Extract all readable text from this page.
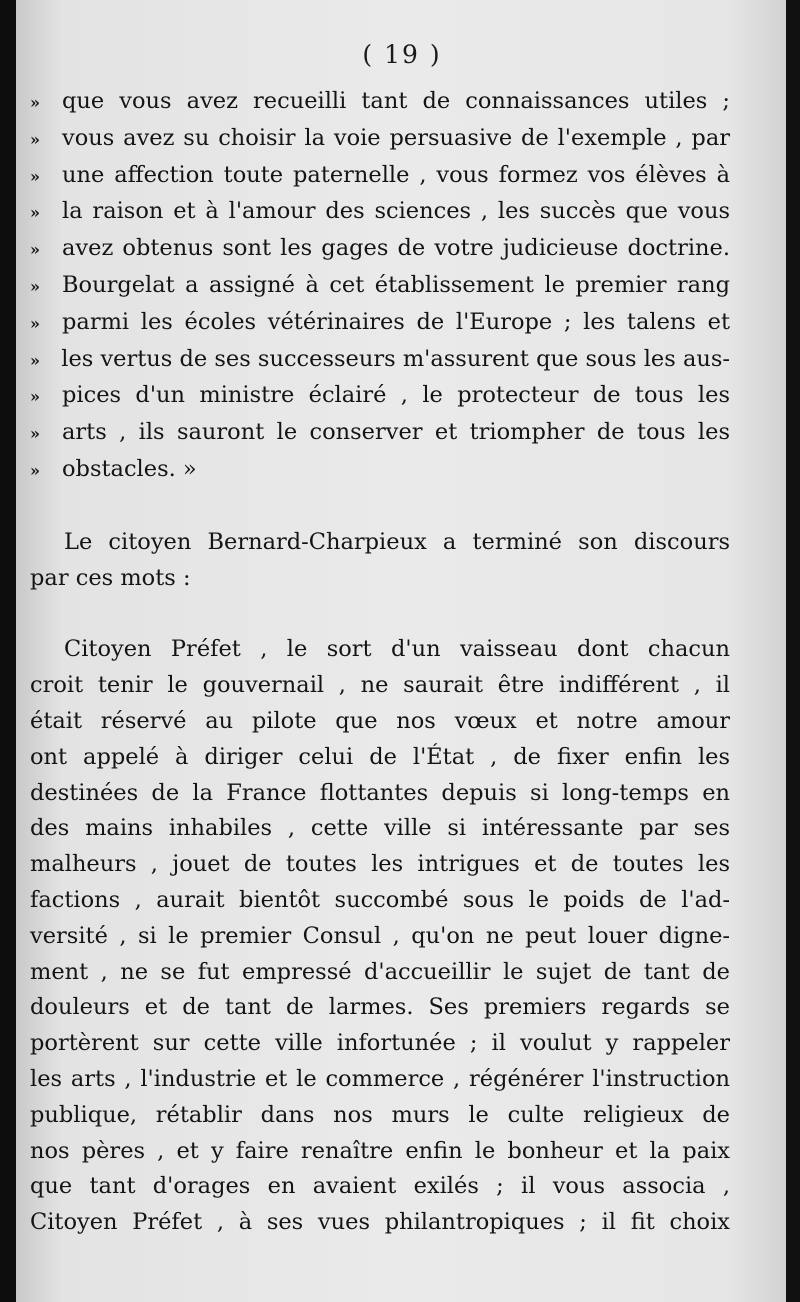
( 19 )
» que vous avez recueilli tant de connaissances utiles ;
» vous avez su choisir la voie persuasive de l'exemple , par
» une affection toute paternelle , vous formez vos élèves à
» la raison et à l'amour des sciences , les succès que vous
» avez obtenus sont les gages de votre judicieuse doctrine.
» Bourgelat a assigné à cet établissement le premier rang
» parmi les écoles vétérinaires de l'Europe ; les talens et
» les vertus de ses successeurs m'assurent que sous les aus-
» pices d'un ministre éclairé , le protecteur de tous les
» arts , ils sauront le conserver et triompher de tous les
» obstacles. »
Le citoyen Bernard-Charpieux a terminé son discours
par ces mots :
Citoyen Préfet , le sort d'un vaisseau dont chacun
croit tenir le gouvernail , ne saurait être indifférent , il
était réservé au pilote que nos vœux et notre amour
ont appelé à diriger celui de l'État , de fixer enfin les
destinées de la France flottantes depuis si long-temps en
des mains inhabiles , cette ville si intéressante par ses
malheurs , jouet de toutes les intrigues et de toutes les
factions , aurait bientôt succombé sous le poids de l'ad-
versité , si le premier Consul , qu'on ne peut louer digne-
ment , ne se fut empressé d'accueillir le sujet de tant de
douleurs et de tant de larmes. Ses premiers regards se
portèrent sur cette ville infortunée ; il voulut y rappeler
les arts , l'industrie et le commerce , régénérer l'instruction
publique, rétablir dans nos murs le culte religieux de
nos pères , et y faire renaître enfin le bonheur et la paix
que tant d'orages en avaient exilés ; il vous associa ,
Citoyen Préfet , à ses vues philantropiques ; il fit choix
